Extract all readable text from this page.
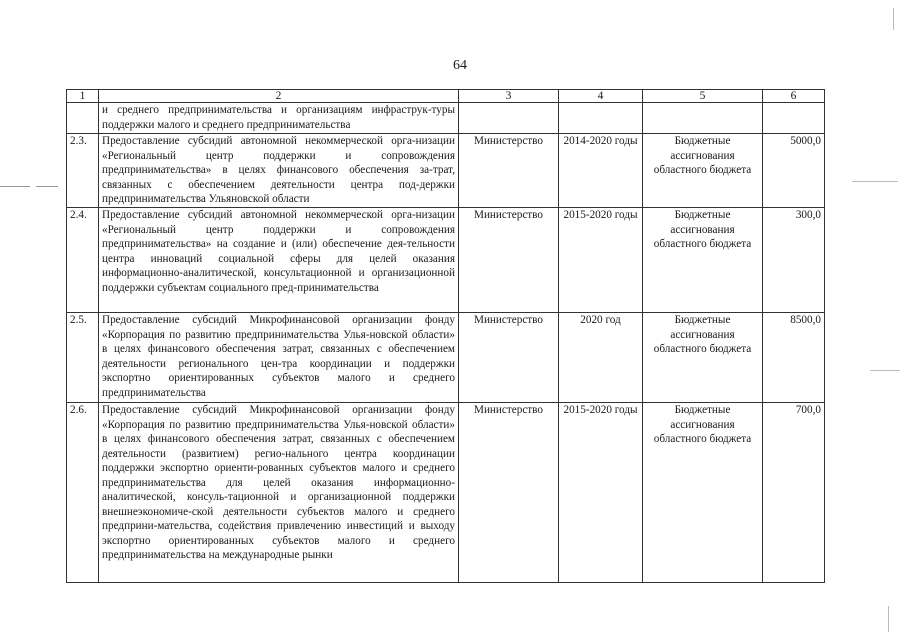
64
1	2	3	4	5	6
	и среднего предпринимательства и организациям инфраструк-туры поддержки малого и среднего предпринимательства				
2.3.	Предоставление субсидий автономной некоммерческой орга-низации «Региональный центр поддержки и сопровождения предпринимательства» в целях финансового обеспечения за-трат, связанных с обеспечением деятельности центра под-держки предпринимательства Ульяновской области	Министерство	2014-2020 годы	Бюджетные ассигнования областного бюджета	5000,0
2.4.	Предоставление субсидий автономной некоммерческой орга-низации «Региональный центр поддержки и сопровождения предпринимательства» на создание и (или) обеспечение дея-тельности центра инноваций социальной сферы для целей оказания информационно-аналитической, консультационной и организационной поддержки субъектам социального пред-принимательства	Министерство	2015-2020 годы	Бюджетные ассигнования областного бюджета	300,0
2.5.	Предоставление субсидий Микрофинансовой организации фонду «Корпорация по развитию предпринимательства Улья-новской области» в целях финансового обеспечения затрат, связанных с обеспечением деятельности регионального цен-тра координации и поддержки экспортно ориентированных субъектов малого и среднего предпринимательства	Министерство	2020 год	Бюджетные ассигнования областного бюджета	8500,0
2.6.	Предоставление субсидий Микрофинансовой организации фонду «Корпорация по развитию предпринимательства Улья-новской области» в целях финансового обеспечения затрат, связанных с обеспечением деятельности (развитием) регио-нального центра координации поддержки экспортно ориенти-рованных субъектов малого и среднего предпринимательства для целей оказания информационно-аналитической, консуль-тационной и организационной поддержки внешнеэкономиче-ской деятельности субъектов малого и среднего предприни-мательства, содействия привлечению инвестиций и выходу экспортно ориентированных субъектов малого и среднего предпринимательства на международные рынки	Министерство	2015-2020 годы	Бюджетные ассигнования областного бюджета	700,0
